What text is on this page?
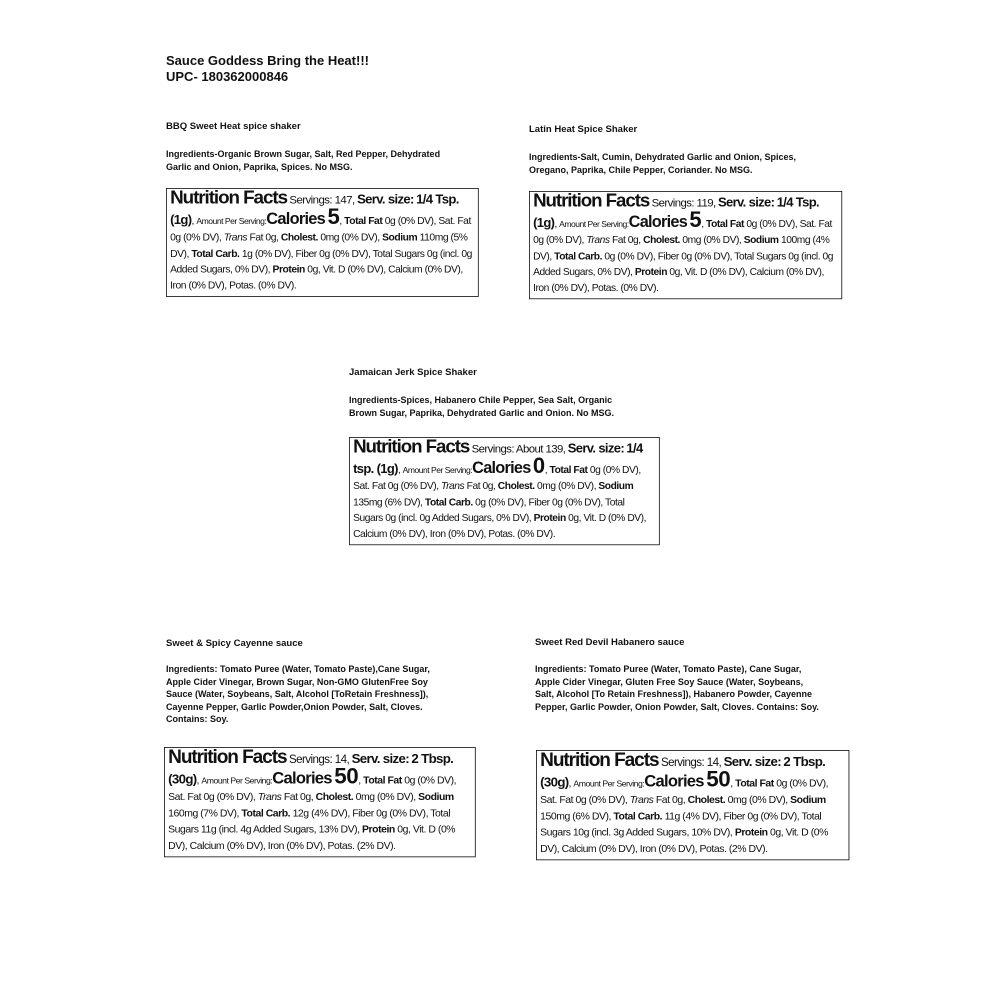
Sauce Goddess Bring the Heat!!!
UPC- 180362000846
BBQ Sweet Heat spice shaker
Ingredients-Organic Brown Sugar, Salt, Red Pepper, Dehydrated
Garlic and Onion, Paprika, Spices. No MSG.
Nutrition Facts Servings: 147, Serv. size: 1/4 Tsp. (1g), Amount Per Serving:Calories 5, Total Fat 0g (0% DV), Sat. Fat 0g (0% DV), Trans Fat 0g, Cholest. 0mg (0% DV), Sodium 110mg (5% DV), Total Carb. 1g (0% DV), Fiber 0g (0% DV), Total Sugars 0g (incl. 0g Added Sugars, 0% DV), Protein 0g, Vit. D (0% DV), Calcium (0% DV), Iron (0% DV), Potas. (0% DV).
Latin Heat Spice Shaker
Ingredients-Salt, Cumin, Dehydrated Garlic and Onion, Spices,
Oregano, Paprika, Chile Pepper, Coriander. No MSG.
Nutrition Facts Servings: 119, Serv. size: 1/4 Tsp. (1g), Amount Per Serving:Calories 5, Total Fat 0g (0% DV), Sat. Fat 0g (0% DV), Trans Fat 0g, Cholest. 0mg (0% DV), Sodium 100mg (4% DV), Total Carb. 0g (0% DV), Fiber 0g (0% DV), Total Sugars 0g (incl. 0g Added Sugars, 0% DV), Protein 0g, Vit. D (0% DV), Calcium (0% DV), Iron (0% DV), Potas. (0% DV).
Jamaican Jerk Spice Shaker
Ingredients-Spices, Habanero Chile Pepper, Sea Salt, Organic
Brown Sugar, Paprika, Dehydrated Garlic and Onion. No MSG.
Nutrition Facts Servings: About 139, Serv. size: 1/4 tsp. (1g), Amount Per Serving:Calories 0, Total Fat 0g (0% DV), Sat. Fat 0g (0% DV), Trans Fat 0g, Cholest. 0mg (0% DV), Sodium 135mg (6% DV), Total Carb. 0g (0% DV), Fiber 0g (0% DV), Total Sugars 0g (incl. 0g Added Sugars, 0% DV), Protein 0g, Vit. D (0% DV), Calcium (0% DV), Iron (0% DV), Potas. (0% DV).
Sweet & Spicy Cayenne sauce
Ingredients: Tomato Puree (Water, Tomato Paste),Cane Sugar,
Apple Cider Vinegar, Brown Sugar, Non-GMO GlutenFree Soy
Sauce (Water, Soybeans, Salt, Alcohol [ToRetain Freshness]),
Cayenne Pepper, Garlic Powder,Onion Powder, Salt, Cloves.
Contains: Soy.
Nutrition Facts Servings: 14, Serv. size: 2 Tbsp. (30g), Amount Per Serving:Calories 50, Total Fat 0g (0% DV), Sat. Fat 0g (0% DV), Trans Fat 0g, Cholest. 0mg (0% DV), Sodium 160mg (7% DV), Total Carb. 12g (4% DV), Fiber 0g (0% DV), Total Sugars 11g (incl. 4g Added Sugars, 13% DV), Protein 0g, Vit. D (0% DV), Calcium (0% DV), Iron (0% DV), Potas. (2% DV).
Sweet Red Devil Habanero sauce
Ingredients: Tomato Puree (Water, Tomato Paste), Cane Sugar,
Apple Cider Vinegar, Gluten Free Soy Sauce (Water, Soybeans,
Salt, Alcohol [To Retain Freshness]), Habanero Powder, Cayenne
Pepper, Garlic Powder, Onion Powder, Salt, Cloves. Contains: Soy.
Nutrition Facts Servings: 14, Serv. size: 2 Tbsp. (30g), Amount Per Serving:Calories 50, Total Fat 0g (0% DV), Sat. Fat 0g (0% DV), Trans Fat 0g, Cholest. 0mg (0% DV), Sodium 150mg (6% DV), Total Carb. 11g (4% DV), Fiber 0g (0% DV), Total Sugars 10g (incl. 3g Added Sugars, 10% DV), Protein 0g, Vit. D (0% DV), Calcium (0% DV), Iron (0% DV), Potas. (2% DV).
